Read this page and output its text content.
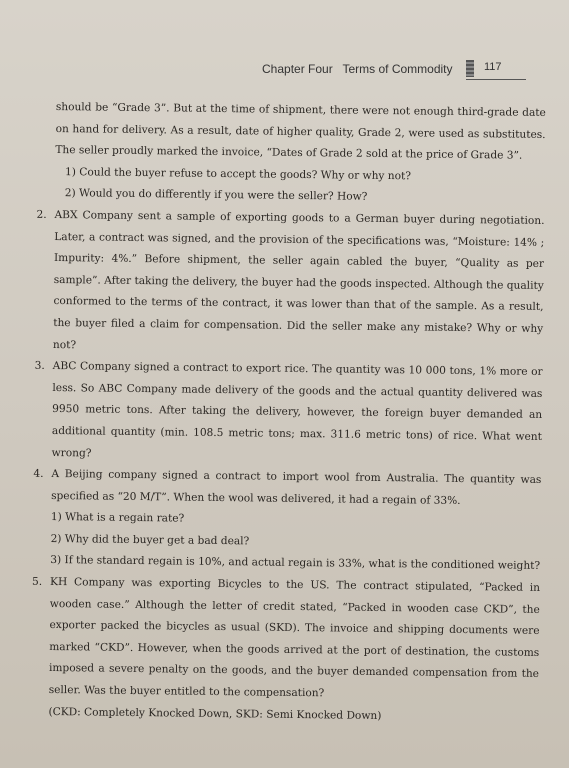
Chapter Four   Terms of Commodity	117

should be “Grade 3”. But at the time of shipment, there were not enough third-grade date on hand for delivery. As a result, date of higher quality, Grade 2, were used as substitutes. The seller proudly marked the invoice, “Dates of Grade 2 sold at the price of Grade 3”.

1) Could the buyer refuse to accept the goods? Why or why not?

2) Would you do differently if you were the seller? How?

2. ABX Company sent a sample of exporting goods to a German buyer during negotiation. Later, a contract was signed, and the provision of the specifications was, “Moisture: 14% ; Impurity: 4%.” Before shipment, the seller again cabled the buyer, “Quality as per sample”. After taking the delivery, the buyer had the goods inspected. Although the quality conformed to the terms of the contract, it was lower than that of the sample. As a result, the buyer filed a claim for compensation. Did the seller make any mistake? Why or why not?

3. ABC Company signed a contract to export rice. The quantity was 10 000 tons, 1% more or less. So ABC Company made delivery of the goods and the actual quantity delivered was 9950 metric tons. After taking the delivery, however, the foreign buyer demanded an additional quantity (min. 108.5 metric tons; max. 311.6 metric tons) of rice. What went wrong?

4. A Beijing company signed a contract to import wool from Australia. The quantity was specified as “20 M/T”. When the wool was delivered, it had a regain of 33%.

1) What is a regain rate?
2) Why did the buyer get a bad deal?
3) If the standard regain is 10%, and actual regain is 33%, what is the conditioned weight?
5. KH Company was exporting Bicycles to the US. The contract stipulated, “Packed in wooden case.” Although the letter of credit stated, “Packed in wooden case CKD”, the exporter packed the bicycles as usual (SKD). The invoice and shipping documents were marked “CKD”. However, when the goods arrived at the port of destination, the customs imposed a severe penalty on the goods, and the buyer demanded compensation from the seller. Was the buyer entitled to the compensation?

(CKD: Completely Knocked Down, SKD: Semi Knocked Down)
